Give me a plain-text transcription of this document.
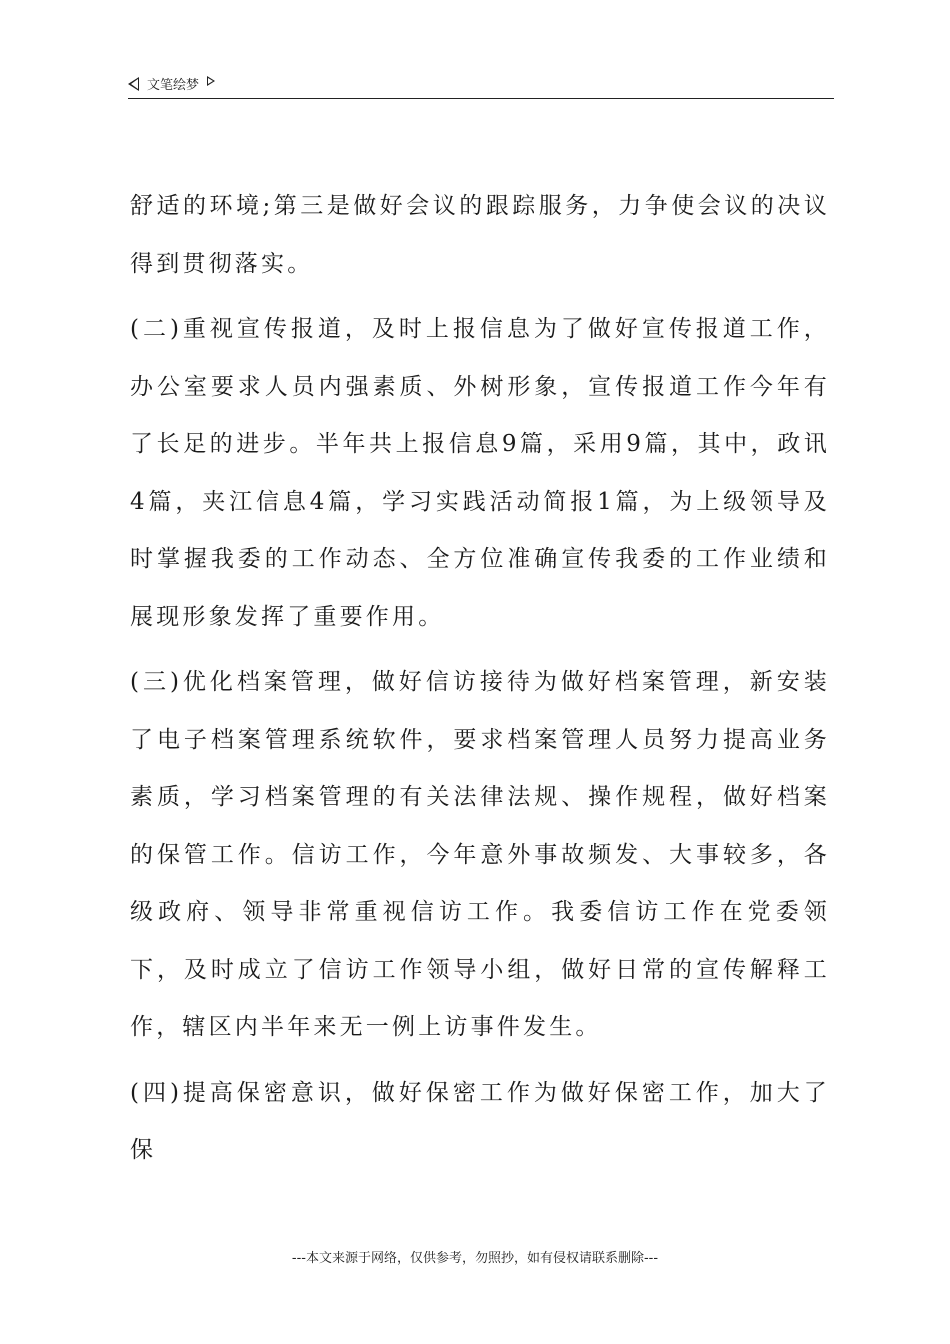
文笔绘梦

舒适的环境;第三是做好会议的跟踪服务，力争使会议的决议得到贯彻落实。

(二)重视宣传报道，及时上报信息为了做好宣传报道工作，办公室要求人员内强素质、外树形象，宣传报道工作今年有了长足的进步。半年共上报信息9篇，采用9篇，其中，政讯4篇，夹江信息4篇，学习实践活动简报1篇，为上级领导及时掌握我委的工作动态、全方位准确宣传我委的工作业绩和展现形象发挥了重要作用。

(三)优化档案管理，做好信访接待为做好档案管理，新安装了电子档案管理系统软件，要求档案管理人员努力提高业务素质，学习档案管理的有关法律法规、操作规程，做好档案的保管工作。信访工作，今年意外事故频发、大事较多，各级政府、领导非常重视信访工作。我委信访工作在党委领下，及时成立了信访工作领导小组，做好日常的宣传解释工作，辖区内半年来无一例上访事件发生。

(四)提高保密意识，做好保密工作为做好保密工作，加大了保

---本文来源于网络，仅供参考，勿照抄，如有侵权请联系删除---
